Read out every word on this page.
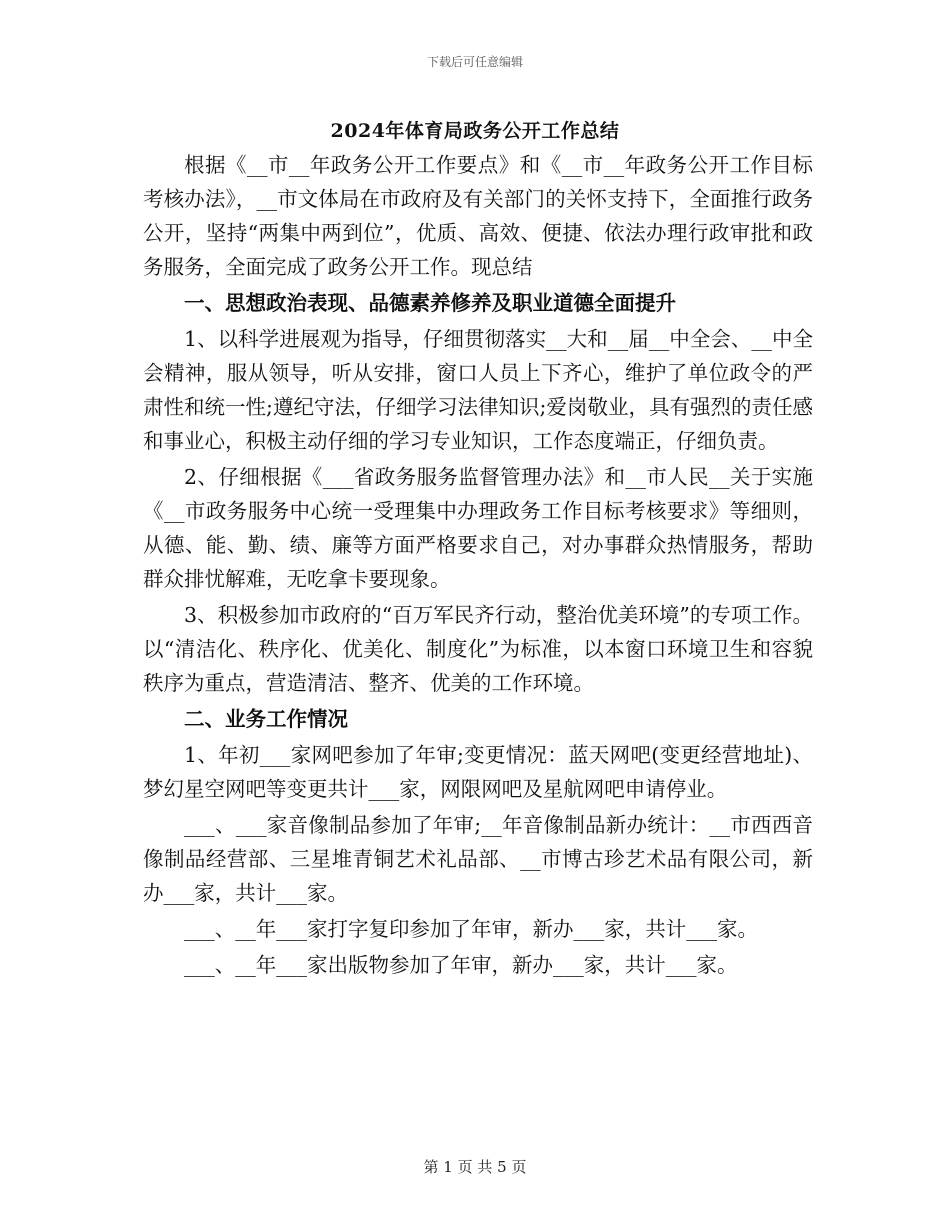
下载后可任意编辑
2024年体育局政务公开工作总结

根据《__市__年政务公开工作要点》和《__市__年政务公开工作目标考核办法》，__市文体局在市政府及有关部门的关怀支持下，全面推行政务公开，坚持“两集中两到位”，优质、高效、便捷、依法办理行政审批和政务服务，全面完成了政务公开工作。现总结

一、思想政治表现、品德素养修养及职业道德全面提升

1、以科学进展观为指导，仔细贯彻落实__大和__届__中全会、__中全会精神，服从领导，听从安排，窗口人员上下齐心，维护了单位政令的严肃性和统一性;遵纪守法，仔细学习法律知识;爱岗敬业，具有强烈的责任感和事业心，积极主动仔细的学习专业知识，工作态度端正，仔细负责。

2、仔细根据《___省政务服务监督管理办法》和__市人民__关于实施《__市政务服务中心统一受理集中办理政务工作目标考核要求》等细则，从德、能、勤、绩、廉等方面严格要求自己，对办事群众热情服务，帮助群众排忧解难，无吃拿卡要现象。

3、积极参加市政府的“百万军民齐行动，整治优美环境”的专项工作。以“清洁化、秩序化、优美化、制度化”为标准，以本窗口环境卫生和容貌秩序为重点，营造清洁、整齐、优美的工作环境。

二、业务工作情况

1、年初___家网吧参加了年审;变更情况：蓝天网吧(变更经营地址)、梦幻星空网吧等变更共计___家，网限网吧及星航网吧申请停业。

___、___家音像制品参加了年审;__年音像制品新办统计：__市西西音像制品经营部、三星堆青铜艺术礼品部、__市博古珍艺术品有限公司，新办___家，共计___家。

___、__年___家打字复印参加了年审，新办___家，共计___家。

___、__年___家出版物参加了年审，新办___家，共计___家。

第 1 页 共 5 页
